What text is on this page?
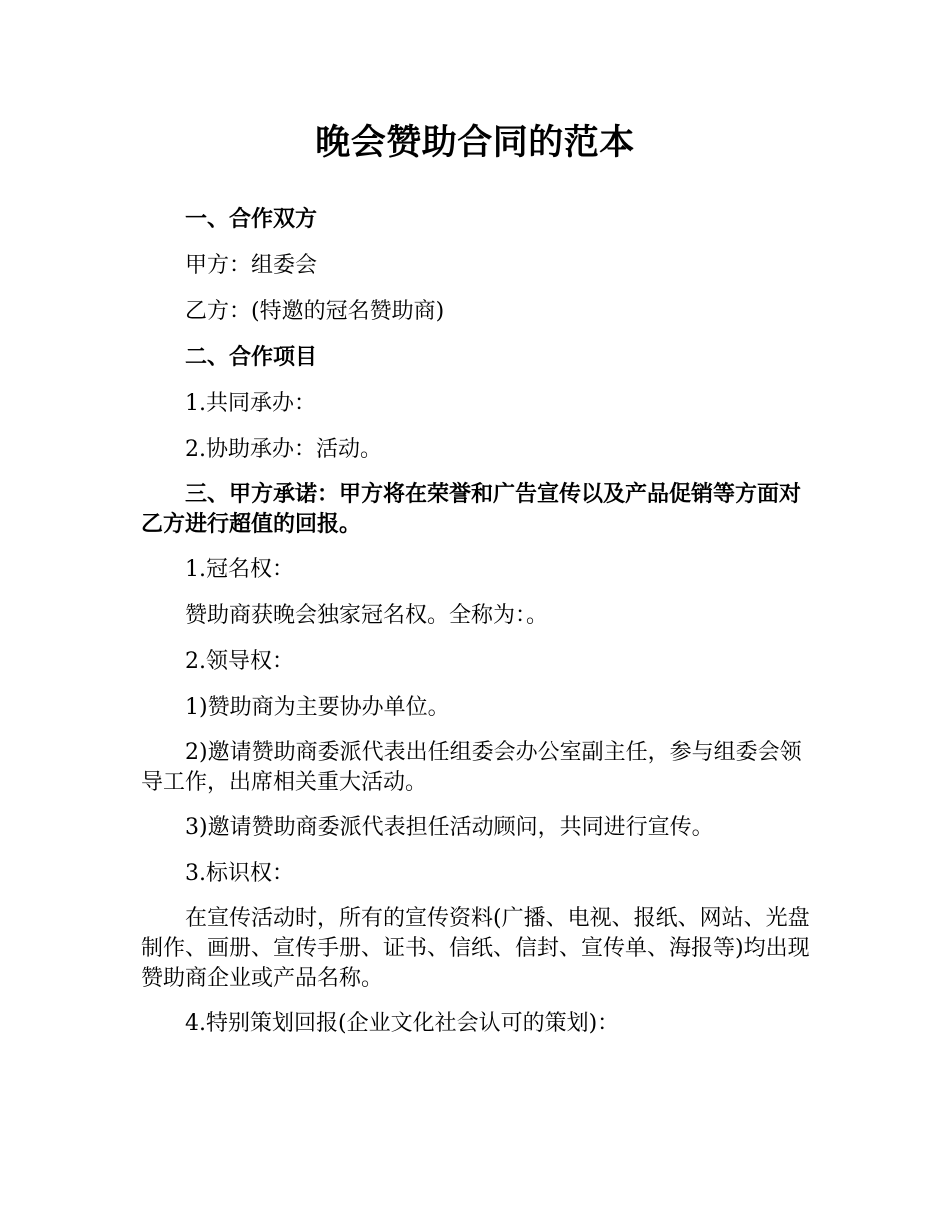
晚会赞助合同的范本

一、合作双方

甲方：组委会

乙方：(特邀的冠名赞助商)

二、合作项目

1.共同承办：

2.协助承办：活动。

三、甲方承诺：甲方将在荣誉和广告宣传以及产品促销等方面对乙方进行超值的回报。

1.冠名权：

赞助商获晚会独家冠名权。全称为：。

2.领导权：

1)赞助商为主要协办单位。

2)邀请赞助商委派代表出任组委会办公室副主任，参与组委会领导工作，出席相关重大活动。

3)邀请赞助商委派代表担任活动顾问，共同进行宣传。

3.标识权：

在宣传活动时，所有的宣传资料(广播、电视、报纸、网站、光盘制作、画册、宣传手册、证书、信纸、信封、宣传单、海报等)均出现赞助商企业或产品名称。

4.特别策划回报(企业文化社会认可的策划)：
